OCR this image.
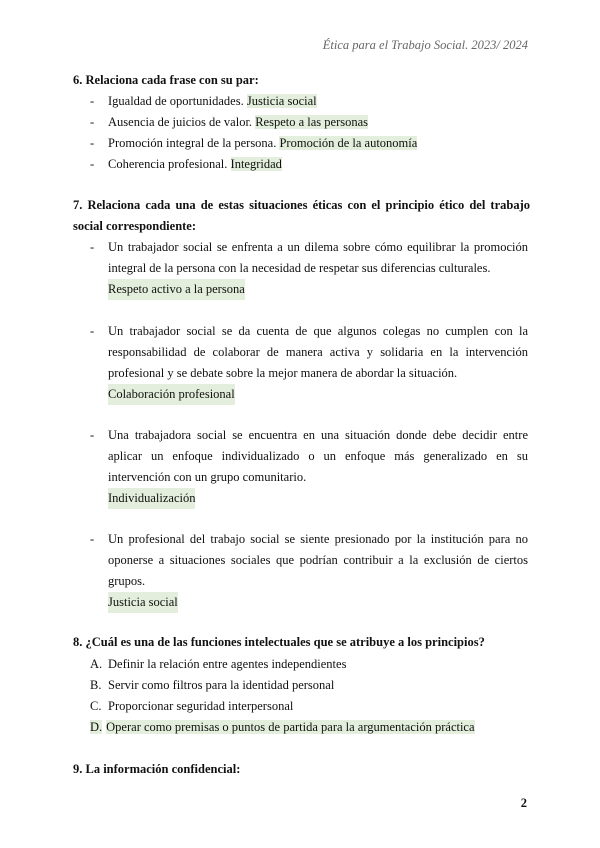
Ética para el Trabajo Social. 2023/ 2024
6. Relaciona cada frase con su par:
- Igualdad de oportunidades. Justicia social
- Ausencia de juicios de valor. Respeto a las personas
- Promoción integral de la persona. Promoción de la autonomía
- Coherencia profesional. Integridad
7. Relaciona cada una de estas situaciones éticas con el principio ético del trabajo social correspondiente:
- Un trabajador social se enfrenta a un dilema sobre cómo equilibrar la promoción integral de la persona con la necesidad de respetar sus diferencias culturales.
Respeto activo a la persona
- Un trabajador social se da cuenta de que algunos colegas no cumplen con la responsabilidad de colaborar de manera activa y solidaria en la intervención profesional y se debate sobre la mejor manera de abordar la situación.
Colaboración profesional
- Una trabajadora social se encuentra en una situación donde debe decidir entre aplicar un enfoque individualizado o un enfoque más generalizado en su intervención con un grupo comunitario.
Individualización
- Un profesional del trabajo social se siente presionado por la institución para no oponerse a situaciones sociales que podrían contribuir a la exclusión de ciertos grupos.
Justicia social
8. ¿Cuál es una de las funciones intelectuales que se atribuye a los principios?
A. Definir la relación entre agentes independientes
B. Servir como filtros para la identidad personal
C. Proporcionar seguridad interpersonal
D. Operar como premisas o puntos de partida para la argumentación práctica
9. La información confidencial:
2
